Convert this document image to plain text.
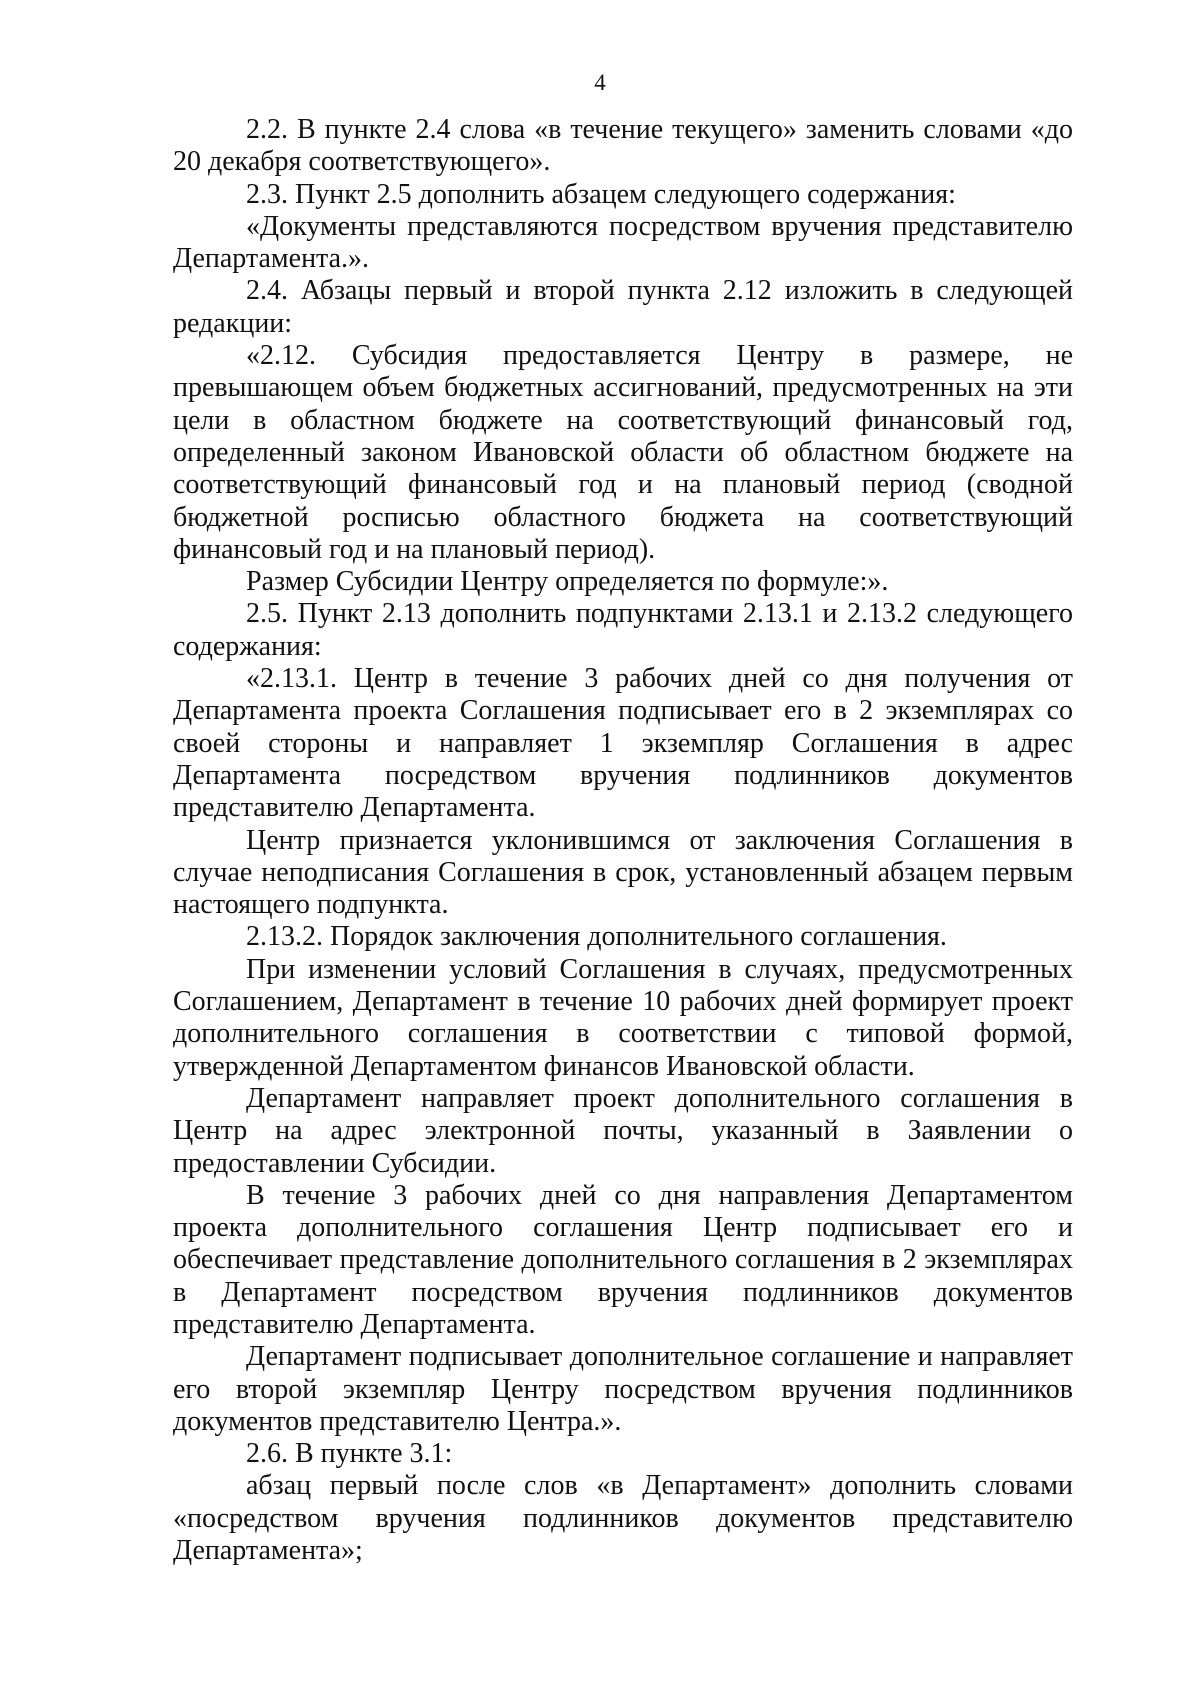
4

2.2. В пункте 2.4 слова «в течение текущего» заменить словами «до 20 декабря соответствующего».

2.3. Пункт 2.5 дополнить абзацем следующего содержания:

«Документы представляются посредством вручения представителю Департамента.».

2.4. Абзацы первый и второй пункта 2.12 изложить в следующей редакции:

«2.12. Субсидия предоставляется Центру в размере, не превышающем объем бюджетных ассигнований, предусмотренных на эти цели в областном бюджете на соответствующий финансовый год, определенный законом Ивановской области об областном бюджете на соответствующий финансовый год и на плановый период (сводной бюджетной росписью областного бюджета на соответствующий финансовый год и на плановый период).

Размер Субсидии Центру определяется по формуле:».

2.5. Пункт 2.13 дополнить подпунктами 2.13.1 и 2.13.2 следующего содержания:

«2.13.1. Центр в течение 3 рабочих дней со дня получения от Департамента проекта Соглашения подписывает его в 2 экземплярах со своей стороны и направляет 1 экземпляр Соглашения в адрес Департамента посредством вручения подлинников документов представителю Департамента.

Центр признается уклонившимся от заключения Соглашения в случае неподписания Соглашения в срок, установленный абзацем первым настоящего подпункта.

2.13.2. Порядок заключения дополнительного соглашения.

При изменении условий Соглашения в случаях, предусмотренных Соглашением, Департамент в течение 10 рабочих дней формирует проект дополнительного соглашения в соответствии с типовой формой, утвержденной Департаментом финансов Ивановской области.

Департамент направляет проект дополнительного соглашения в Центр на адрес электронной почты, указанный в Заявлении о предоставлении Субсидии.

В течение 3 рабочих дней со дня направления Департаментом проекта дополнительного соглашения Центр подписывает его и обеспечивает представление дополнительного соглашения в 2 экземплярах в Департамент посредством вручения подлинников документов представителю Департамента.

Департамент подписывает дополнительное соглашение и направляет его второй экземпляр Центру посредством вручения подлинников документов представителю Центра.».

2.6. В пункте 3.1:

абзац первый после слов «в Департамент» дополнить словами «посредством вручения подлинников документов представителю Департамента»;
